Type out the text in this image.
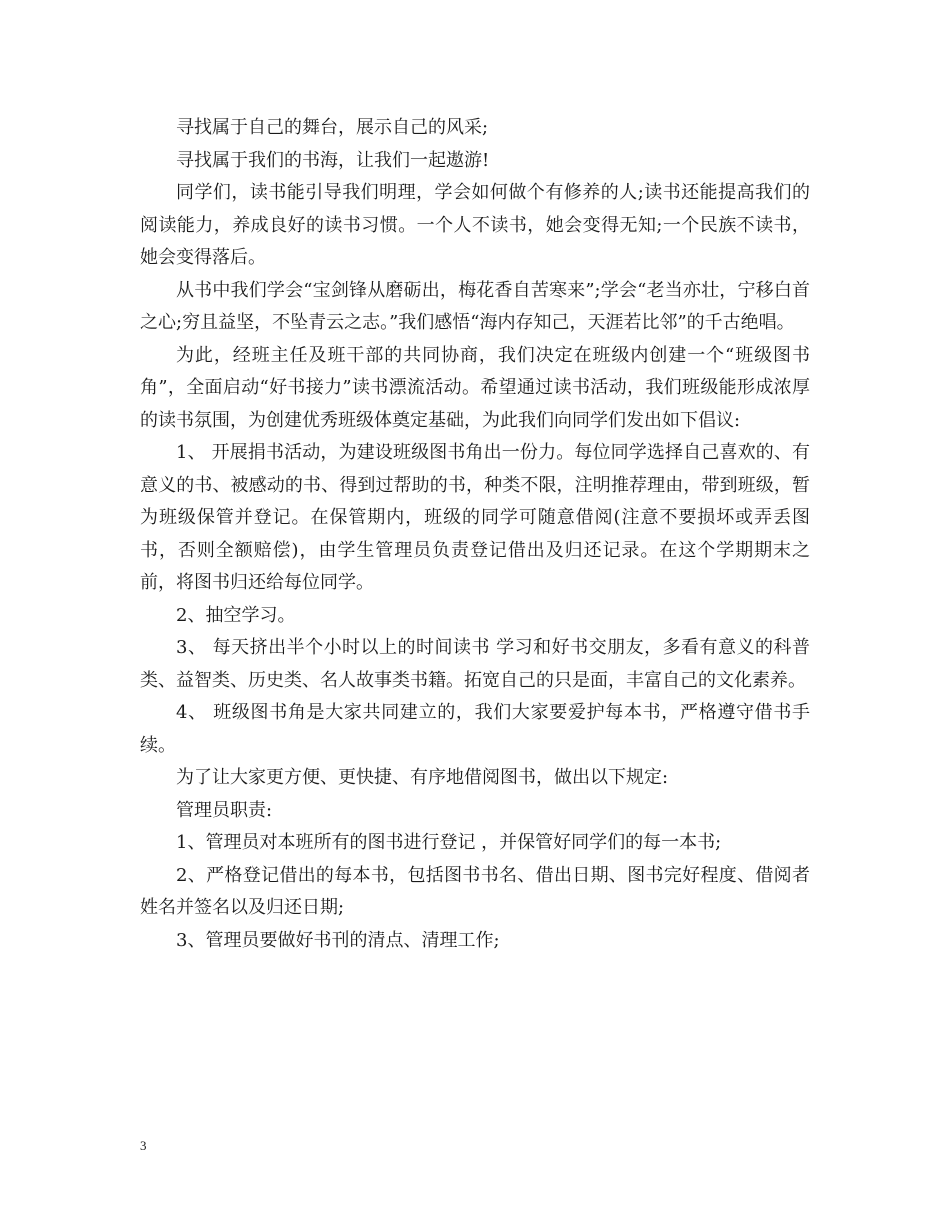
寻找属于自己的舞台，展示自己的风采;

寻找属于我们的书海，让我们一起遨游!

同学们，读书能引导我们明理，学会如何做个有修养的人;读书还能提高我们的阅读能力，养成良好的读书习惯。一个人不读书，她会变得无知;一个民族不读书，她会变得落后。

从书中我们学会“宝剑锋从磨砺出，梅花香自苦寒来”;学会“老当亦壮，宁移白首之心;穷且益坚，不坠青云之志。”我们感悟“海内存知己，天涯若比邻”的千古绝唱。

为此，经班主任及班干部的共同协商，我们决定在班级内创建一个“班级图书角”，全面启动“好书接力”读书漂流活动。希望通过读书活动，我们班级能形成浓厚的读书氛围，为创建优秀班级体奠定基础，为此我们向同学们发出如下倡议:

1、 开展捐书活动，为建设班级图书角出一份力。每位同学选择自己喜欢的、有意义的书、被感动的书、得到过帮助的书，种类不限，注明推荐理由，带到班级，暂为班级保管并登记。在保管期内，班级的同学可随意借阅(注意不要损坏或弄丢图书，否则全额赔偿)，由学生管理员负责登记借出及归还记录。在这个学期期末之前，将图书归还给每位同学。

2、抽空学习。

3、 每天挤出半个小时以上的时间读书 学习和好书交朋友，多看有意义的科普类、益智类、历史类、名人故事类书籍。拓宽自己的只是面，丰富自己的文化素养。

4、 班级图书角是大家共同建立的，我们大家要爱护每本书，严格遵守借书手续。

为了让大家更方便、更快捷、有序地借阅图书，做出以下规定:

管理员职责:

1、管理员对本班所有的图书进行登记 ，并保管好同学们的每一本书;

2、严格登记借出的每本书，包括图书书名、借出日期、图书完好程度、借阅者姓名并签名以及归还日期;

3、管理员要做好书刊的清点、清理工作;

3
